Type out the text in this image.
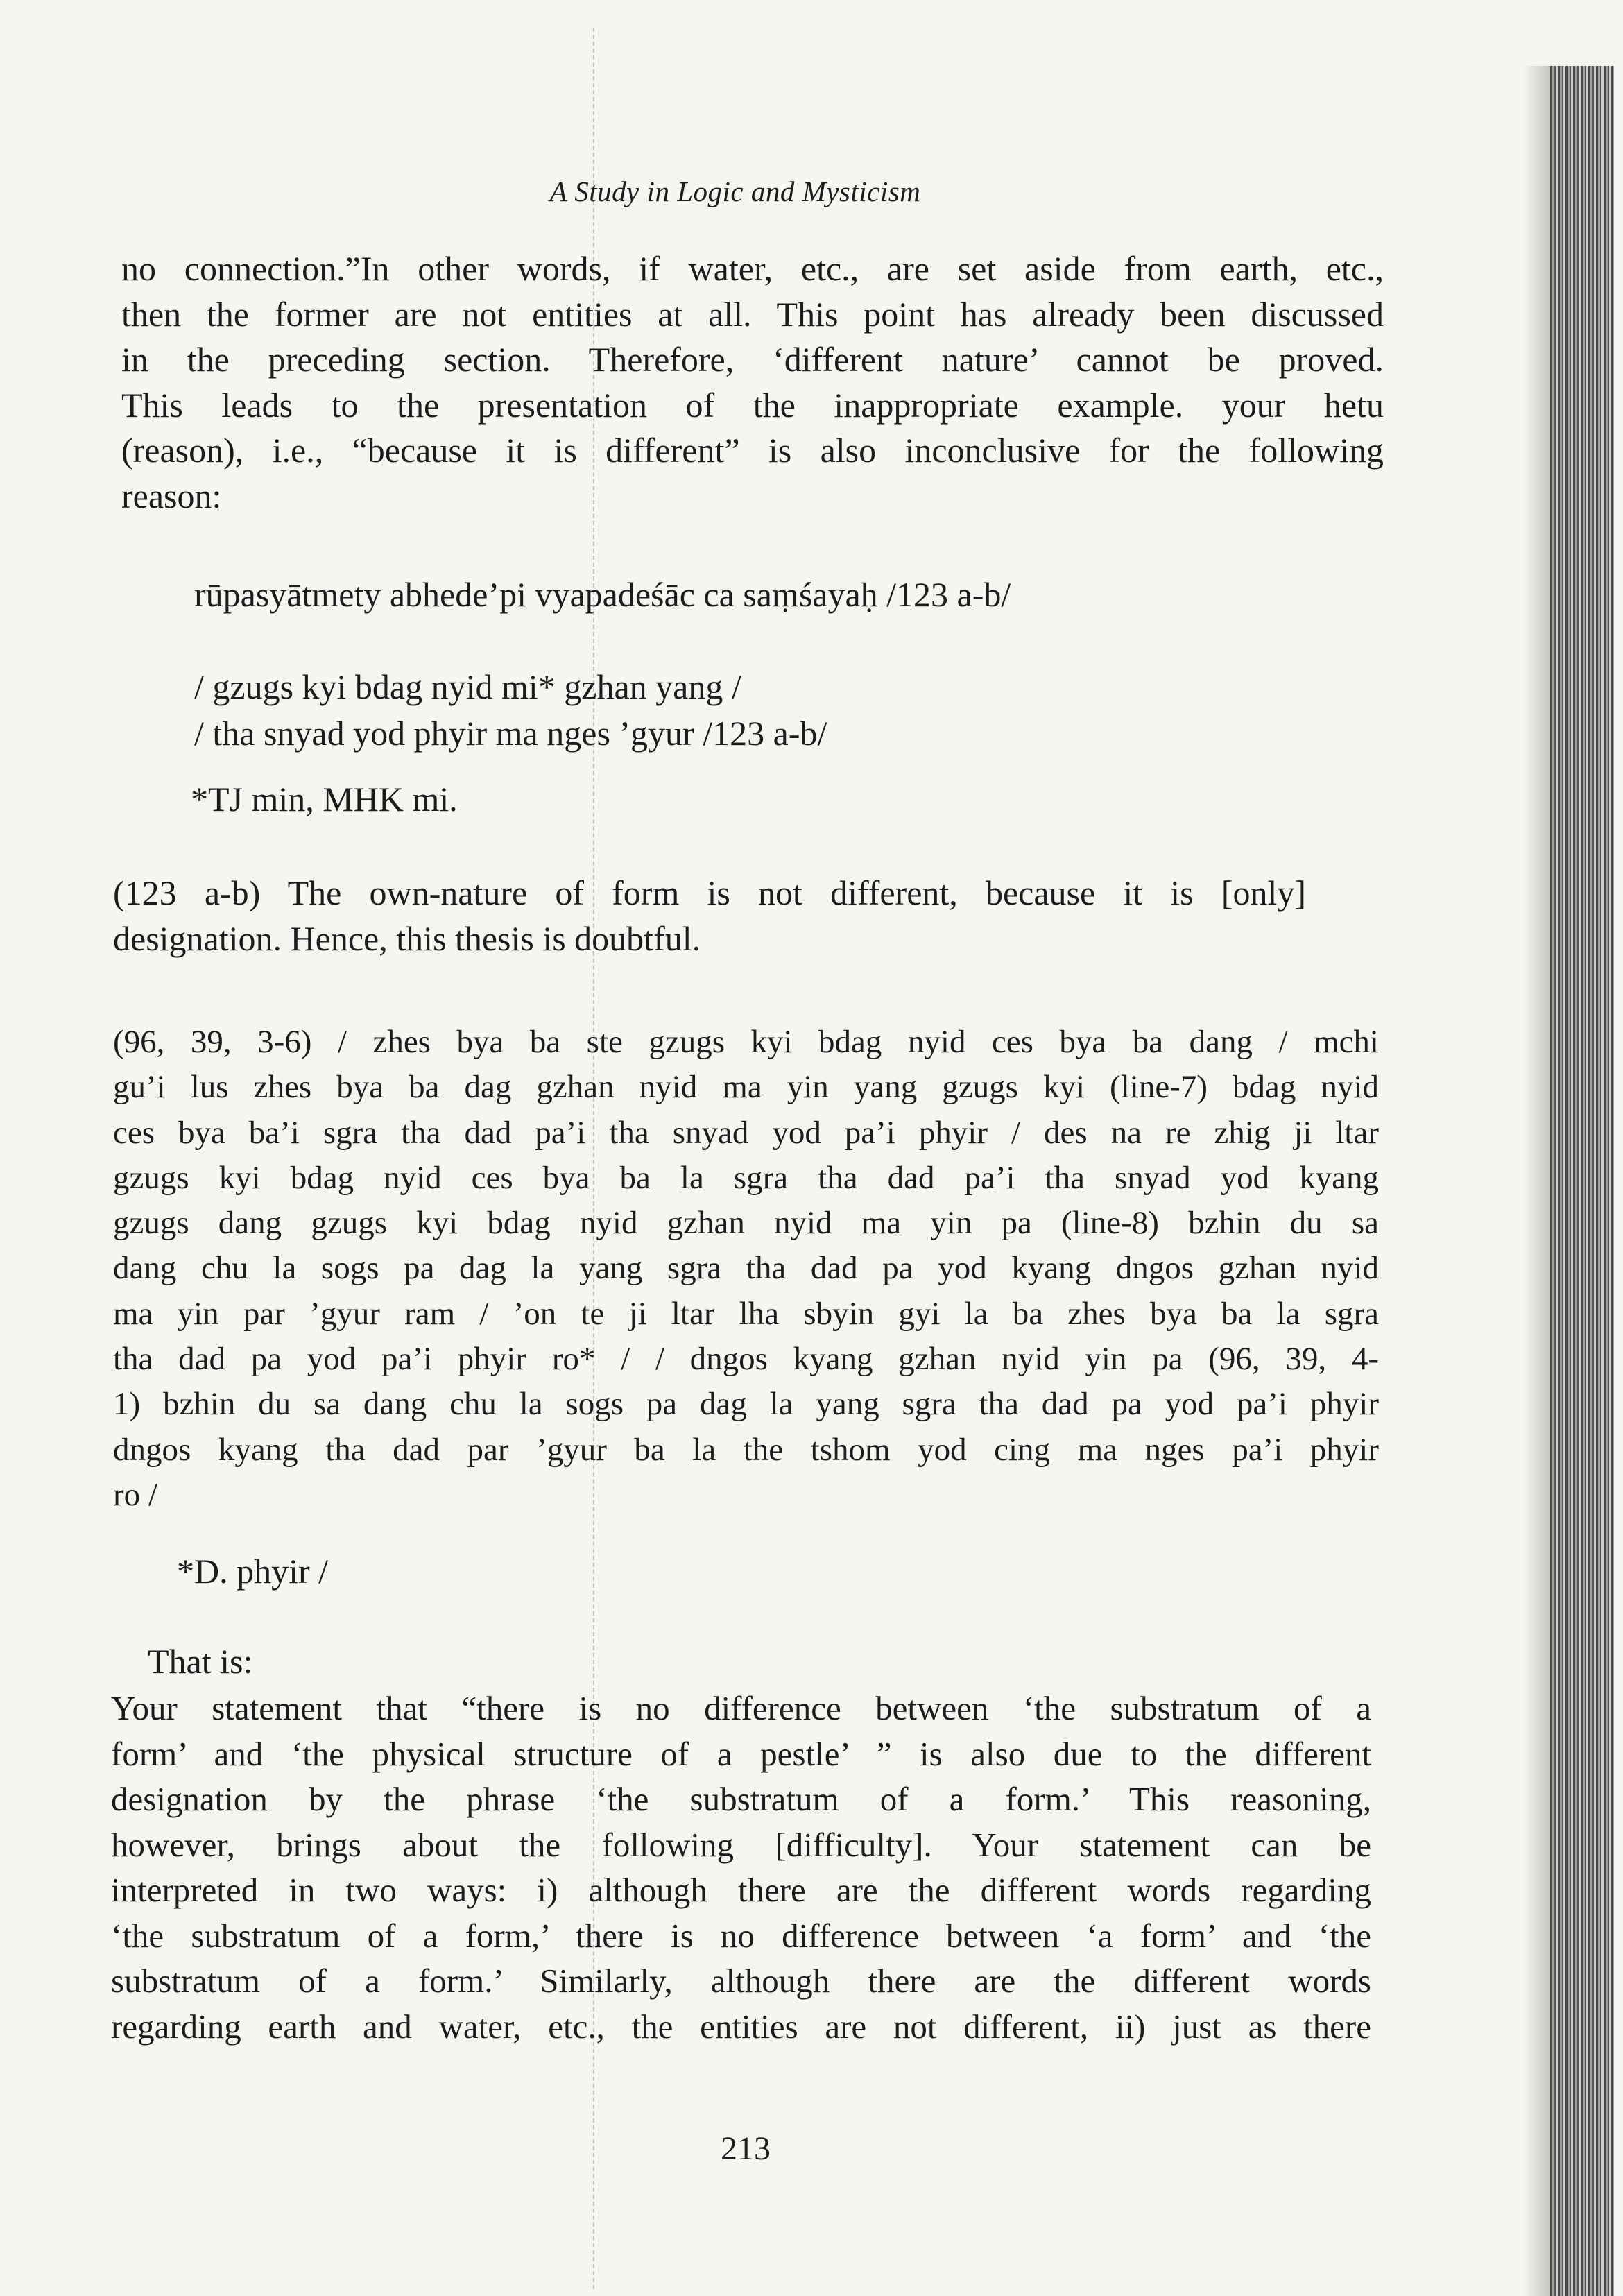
A Study in Logic and Mysticism
no connection.”In other words, if water, etc., are set aside from earth, etc.,
then the former are not entities at all. This point has already been discussed
in the preceding section. Therefore, ‘different nature’ cannot be proved.
This leads to the presentation of the inappropriate example. your hetu
(reason), i.e., “because it is different” is also inconclusive for the following
reason:
rūpasyātmety abhede’pi vyapadeśāc ca saṃśayaḥ /123 a-b/
/ gzugs kyi bdag nyid mi* gzhan yang /
/ tha snyad yod phyir ma nges ’gyur /123 a-b/
*TJ min, MHK mi.
(123 a-b) The own-nature of form is not different, because it is [only]
designation. Hence, this thesis is doubtful.
(96, 39, 3-6) / zhes bya ba ste gzugs kyi bdag nyid ces bya ba dang / mchi
gu’i lus zhes bya ba dag gzhan nyid ma yin yang gzugs kyi (line-7) bdag nyid
ces bya ba’i sgra tha dad pa’i tha snyad yod pa’i phyir / des na re zhig ji ltar
gzugs kyi bdag nyid ces bya ba la sgra tha dad pa’i tha snyad yod kyang
gzugs dang gzugs kyi bdag nyid gzhan nyid ma yin pa (line-8) bzhin du sa
dang chu la sogs pa dag la yang sgra tha dad pa yod kyang dngos gzhan nyid
ma yin par ’gyur ram / ’on te ji ltar lha sbyin gyi la ba zhes bya ba la sgra
tha dad pa yod pa’i phyir ro* / / dngos kyang gzhan nyid yin pa (96, 39, 4-
1) bzhin du sa dang chu la sogs pa dag la yang sgra tha dad pa yod pa’i phyir
dngos kyang tha dad par ’gyur ba la the tshom yod cing ma nges pa’i phyir
ro /
*D. phyir /
That is:
Your statement that “there is no difference between ‘the substratum of a
form’ and ‘the physical structure of a pestle’ ” is also due to the different
designation by the phrase ‘the substratum of a form.’ This reasoning,
however, brings about the following [difficulty]. Your statement can be
interpreted in two ways: i) although there are the different words regarding
‘the substratum of a form,’ there is no difference between ‘a form’ and ‘the
substratum of a form.’ Similarly, although there are the different words
regarding earth and water, etc., the entities are not different, ii) just as there
213
